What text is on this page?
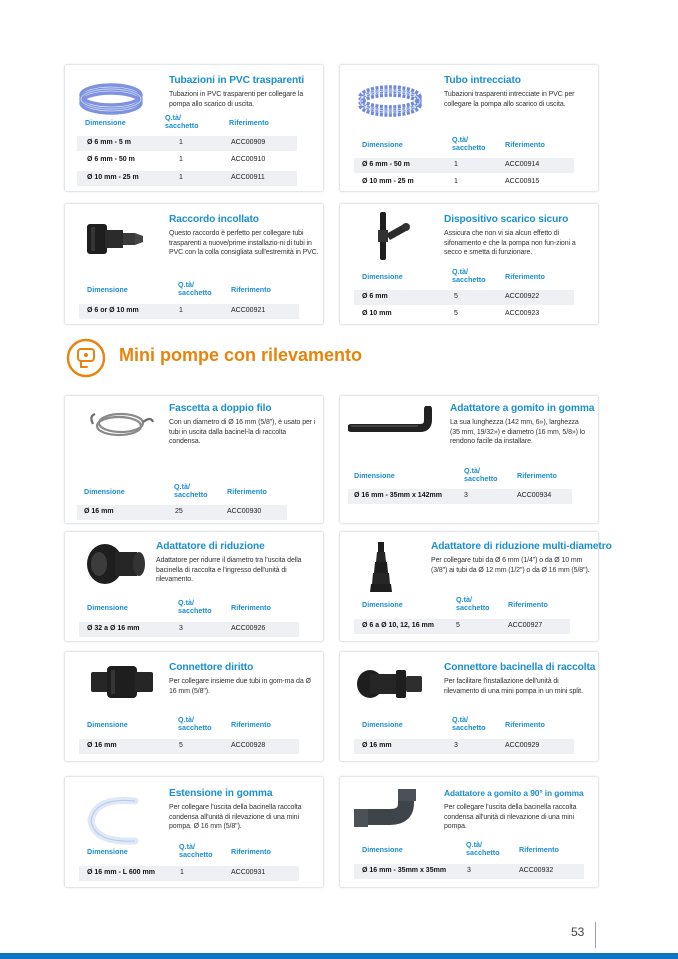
Mini pompe con rilevamento
Tubazioni in PVC trasparenti
Tubazioni in PVC trasparenti per collegare la pompa allo scarico di uscita.
Dimensione
Q.tà/
sacchetto	Riferimento
Ø 6 mm - 5 m	1	ACC00909
Ø 6 mm - 50 m	1	ACC00910
Ø 10 mm - 25 m	1	ACC00911
Tubo intrecciato
Tubazioni trasparenti intrecciate in PVC per collegare la pompa allo scarico di uscita.
Dimensione
Q.tà/
sacchetto	Riferimento
Ø 6 mm - 50 m	1	ACC00914
Ø 10 mm - 25 m	1	ACC00915
Raccordo incollato
Questo raccordo è perfetto per collegare tubi trasparenti a nuove/prime installazio-ni di tubi in PVC con la colla consigliata sull'estremità in PVC.
Dimensione
Q.tà/
sacchetto	Riferimento
Ø 6 or Ø 10 mm	1	ACC00921
Dispositivo scarico sicuro
Assicura che non vi sia alcun effetto di sifonamento e che la pompa non fun-zioni a secco e smetta di funzionare.
Dimensione
Q.tà/
sacchetto	Riferimento
Ø 6 mm	5	ACC00922
Ø 10 mm	5	ACC00923
Fascetta a doppio filo
Con un diametro di Ø 16 mm (5/8"), è usato per i tubi in uscita dalla bacinel-la di raccolta condensa.
Dimensione
Q.tà/
sacchetto	Riferimento
Ø 16 mm	25	ACC00930
Adattatore a gomito in gomma
La sua lunghezza (142 mm, 6»), larghezza (35 mm, 19/32») e diametro (16 mm, 5/8») lo rendono facile da installare.
Dimensione
Q.tà/
sacchetto	Riferimento
Ø 16 mm - 35mm x 142mm	3	ACC00934
Adattatore di riduzione
Adattatore per ridurre il diametro tra l'uscita della bacinella di raccolta e l'ingresso dell'unità di rilevamento.
Dimensione
Q.tà/
sacchetto	Riferimento
Ø 32 a Ø 16 mm	3	ACC00926
Adattatore di riduzione multi-diametro
Per collegare tubi da Ø 6 mm (1/4") o da Ø 10 mm (3/8") ai tubi da Ø 12 mm (1/2") o da Ø 16 mm (5/8").
Dimensione
Q.tà/
sacchetto	Riferimento
Ø 6 a Ø 10, 12, 16 mm	5	ACC00927
Connettore diritto
Per collegare insieme due tubi in gom-ma da Ø 16 mm (5/8").
Dimensione
Q.tà/
sacchetto	Riferimento
Ø 16 mm	5	ACC00928
Connettore bacinella di raccolta
Per facilitare l'installazione dell'unità di rilevamento di una mini pompa in un mini split.
Dimensione
Q.tà/
sacchetto	Riferimento
Ø 16 mm	3	ACC00929
Estensione in gomma
Per collegare l'uscita della bacinella raccolta condensa all'unità di rilevazione di una mini pompa. Ø 16 mm (5/8").
Dimensione
Q.tà/
sacchetto	Riferimento
Ø 16 mm - L 600 mm	1	ACC00931
Adattatore a gomito a 90° in gomma
Per collegare l'uscita della bacinella raccolta condensa all'unità di rilevazione di una mini pompa.
Dimensione
Q.tà/
sacchetto	Riferimento
Ø 16 mm - 35mm x 35mm	3	ACC00932
53
